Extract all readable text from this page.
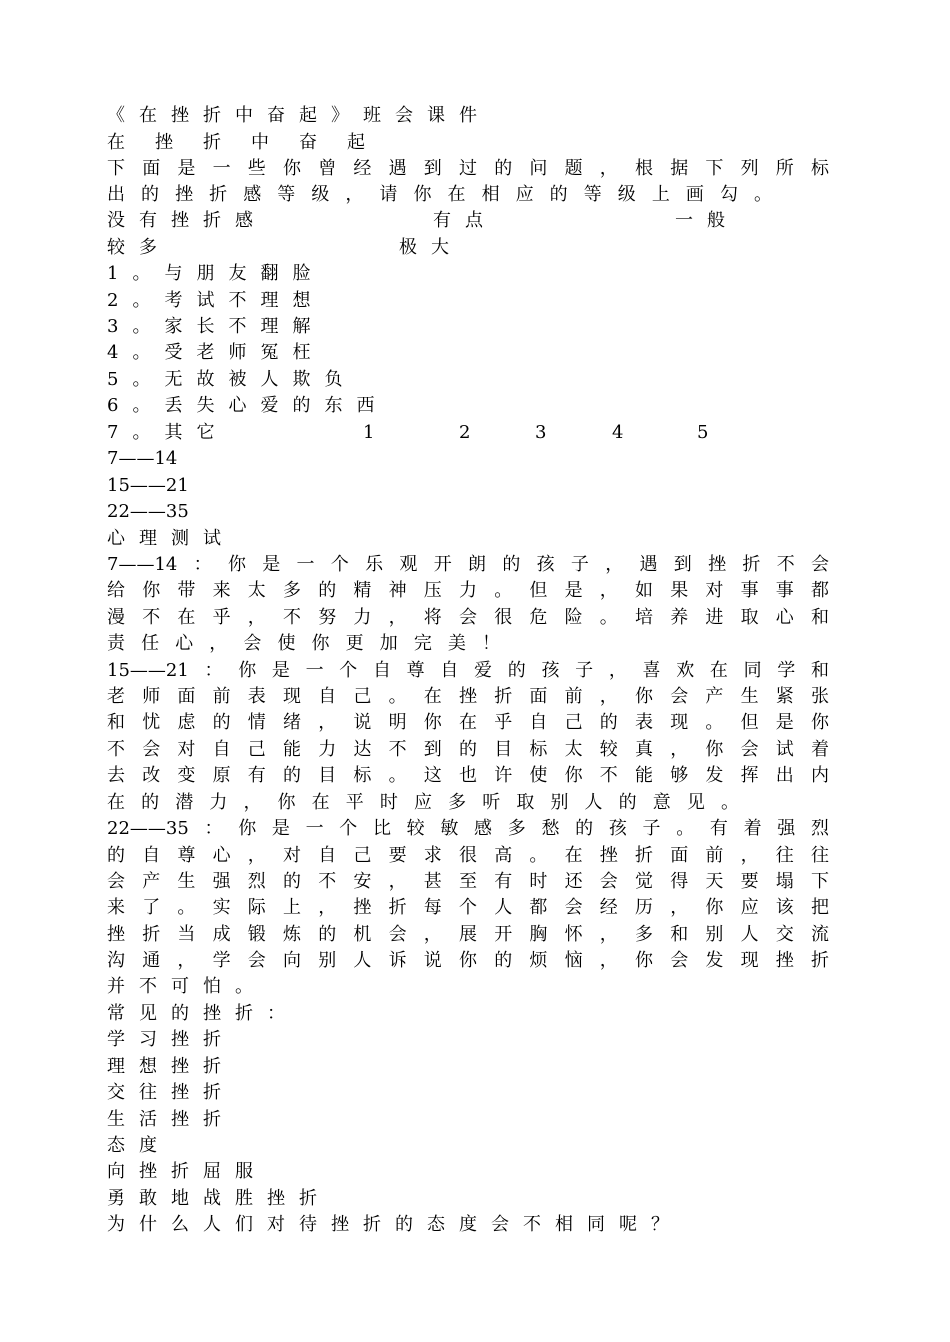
《在挫折中奋起》班会课件
在挫折中奋起
下面是一些你曾经遇到过的问题，根据下列所标
出的挫折感等级，请你在相应的等级上画勾。
没有挫折感	有点	一般
较多	极大
1。与朋友翻脸
2。考试不理想
3。家长不理解
4。受老师冤枉
5。无故被人欺负
6。丢失心爱的东西
7。其它	1	2	3	4	5
7——14
15——21
22——35
心理测试
7——14：你是一个乐观开朗的孩子，遇到挫折不会
给你带来太多的精神压力。但是，如果对事事都
漫不在乎，不努力，将会很危险。培养进取心和
责任心，会使你更加完美！
15——21：你是一个自尊自爱的孩子，喜欢在同学和
老师面前表现自己。在挫折面前，你会产生紧张
和忧虑的情绪，说明你在乎自己的表现。但是你
不会对自己能力达不到的目标太较真，你会试着
去改变原有的目标。这也许使你不能够发挥出内
在的潜力，你在平时应多听取别人的意见。
22——35：你是一个比较敏感多愁的孩子。有着强烈
的自尊心，对自己要求很高。在挫折面前，往往
会产生强烈的不安，甚至有时还会觉得天要塌下
来了。实际上，挫折每个人都会经历，你应该把
挫折当成锻炼的机会，展开胸怀，多和别人交流
沟通，学会向别人诉说你的烦恼，你会发现挫折
并不可怕。
常见的挫折：
学习挫折
理想挫折
交往挫折
生活挫折
态度
向挫折屈服
勇敢地战胜挫折
为什么人们对待挫折的态度会不相同呢？
